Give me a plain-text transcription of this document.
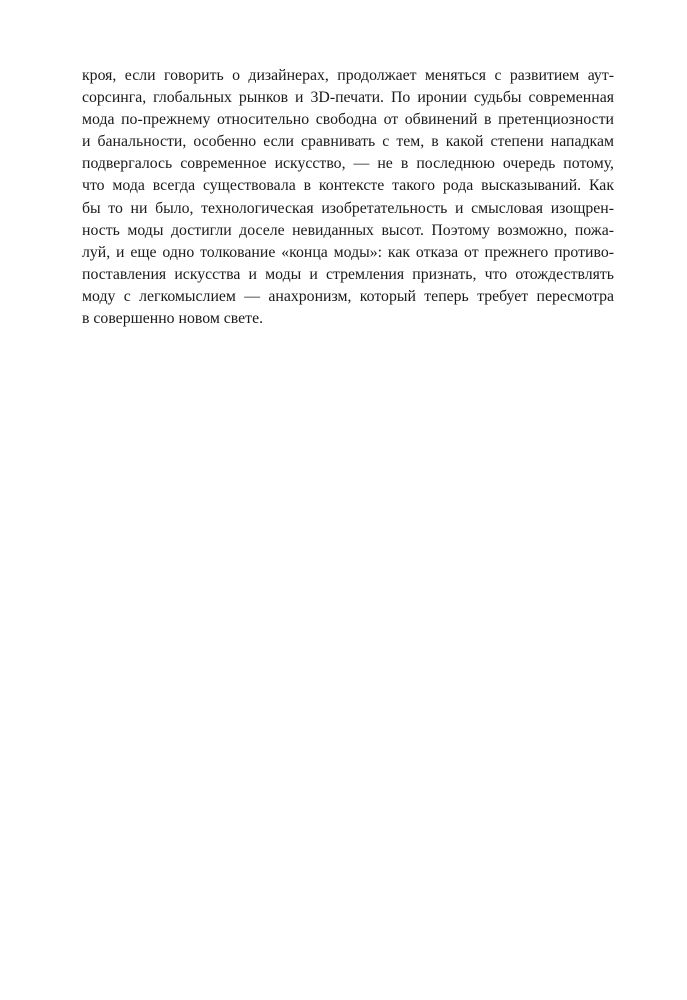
кроя, если говорить о дизайнерах, продолжает меняться с развитием аут-
сорсинга, глобальных рынков и 3D-печати. По иронии судьбы современная
мода по-прежнему относительно свободна от обвинений в претенциозности
и банальности, особенно если сравнивать с тем, в какой степени нападкам
подвергалось современное искусство, — не в последнюю очередь потому,
что мода всегда существовала в контексте такого рода высказываний. Как
бы то ни было, технологическая изобретательность и смысловая изощрен-
ность моды достигли доселе невиданных высот. Поэтому возможно, пожа-
луй, и еще одно толкование «конца моды»: как отказа от прежнего противо-
поставления искусства и моды и стремления признать, что отождествлять
моду с легкомыслием — анахронизм, который теперь требует пересмотра
в совершенно новом свете.
